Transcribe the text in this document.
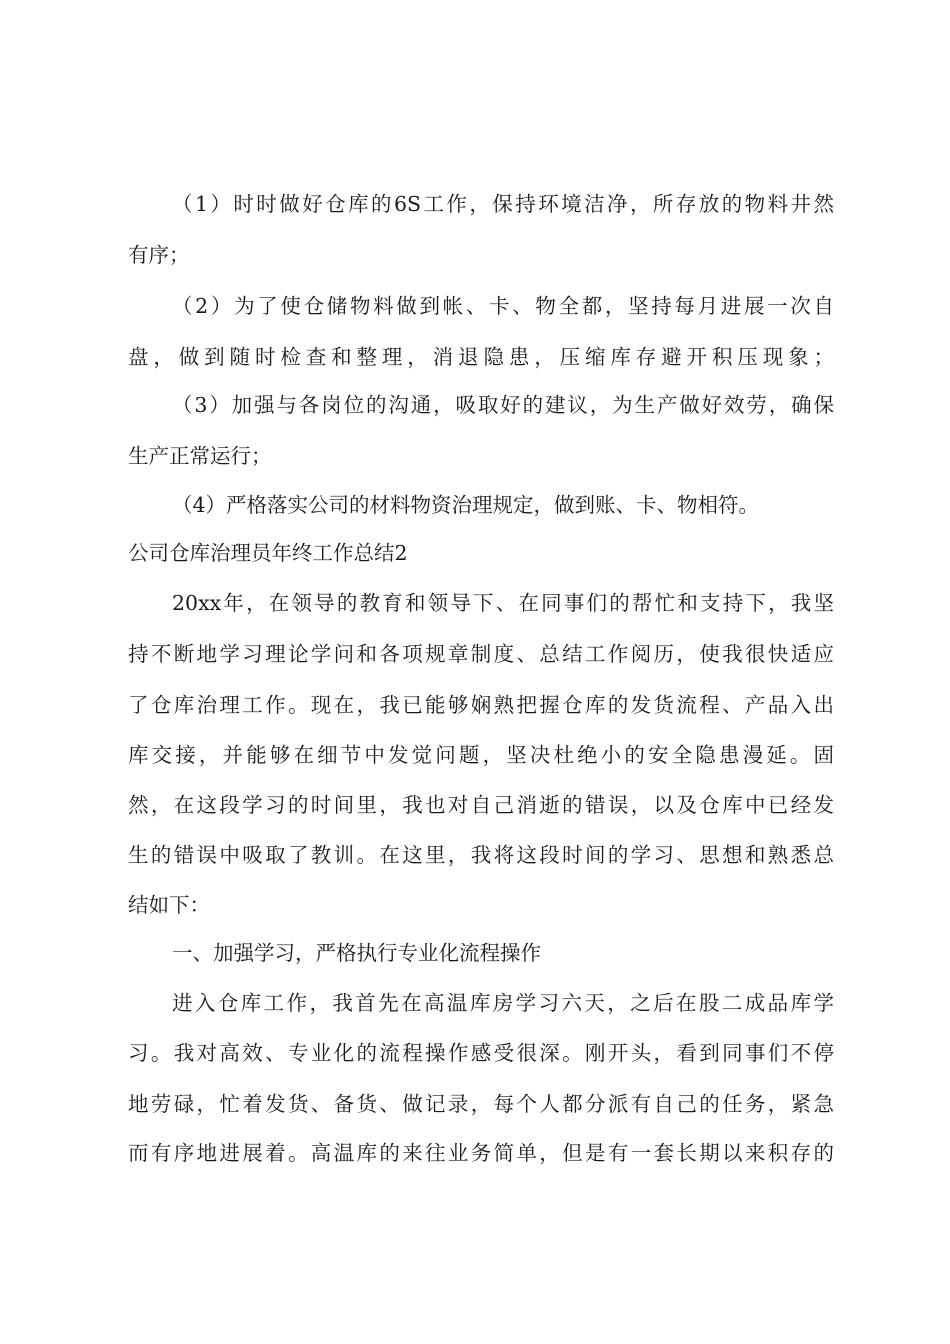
（1）时时做好仓库的6S工作，保持环境洁净，所存放的物料井然
有序；
（2）为了使仓储物料做到帐、卡、物全都，坚持每月进展一次自
盘，做到随时检查和整理，消退隐患，压缩库存避开积压现象；
（3）加强与各岗位的沟通，吸取好的建议，为生产做好效劳，确保
生产正常运行；
（4）严格落实公司的材料物资治理规定，做到账、卡、物相符。
公司仓库治理员年终工作总结2
20xx年，在领导的教育和领导下、在同事们的帮忙和支持下，我坚
持不断地学习理论学问和各项规章制度、总结工作阅历，使我很快适应
了仓库治理工作。现在，我已能够娴熟把握仓库的发货流程、产品入出
库交接，并能够在细节中发觉问题，坚决杜绝小的安全隐患漫延。固
然，在这段学习的时间里，我也对自己消逝的错误，以及仓库中已经发
生的错误中吸取了教训。在这里，我将这段时间的学习、思想和熟悉总
结如下：
一、加强学习，严格执行专业化流程操作
进入仓库工作，我首先在高温库房学习六天，之后在股二成品库学
习。我对高效、专业化的流程操作感受很深。刚开头，看到同事们不停
地劳碌，忙着发货、备货、做记录，每个人都分派有自己的任务，紧急
而有序地进展着。高温库的来往业务简单，但是有一套长期以来积存的
